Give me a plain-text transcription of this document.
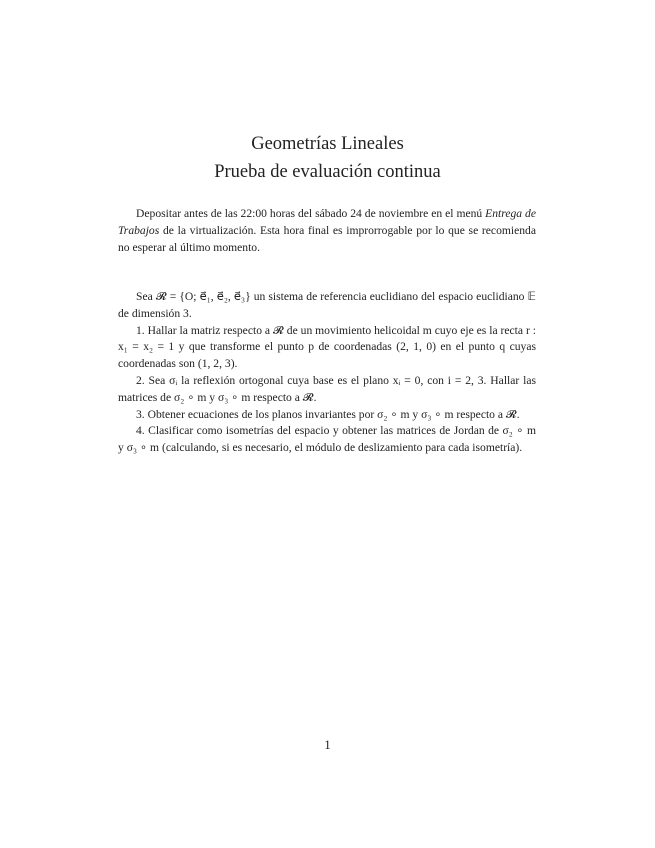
Geometrías Lineales
Prueba de evaluación continua
Depositar antes de las 22:00 horas del sábado 24 de noviembre en el menú Entrega de Trabajos de la virtualización. Esta hora final es improrrogable por lo que se recomienda no esperar al último momento.

Sea 𝓡 = {O; e⃗₁, e⃗₂, e⃗₃} un sistema de referencia euclidiano del espacio euclidiano 𝔼 de dimensión 3.

1. Hallar la matriz respecto a 𝓡 de un movimiento helicoidal m cuyo eje es la recta r : x₁ = x₂ = 1 y que transforme el punto p de coordenadas (2, 1, 0) en el punto q cuyas coordenadas son (1, 2, 3).

2. Sea σᵢ la reflexión ortogonal cuya base es el plano xᵢ = 0, con i = 2, 3. Hallar las matrices de σ₂ ∘ m y σ₃ ∘ m respecto a 𝓡.

3. Obtener ecuaciones de los planos invariantes por σ₂ ∘ m y σ₃ ∘ m respecto a 𝓡.

4. Clasificar como isometrías del espacio y obtener las matrices de Jordan de σ₂ ∘ m y σ₃ ∘ m (calculando, si es necesario, el módulo de deslizamiento para cada isometría).

1
